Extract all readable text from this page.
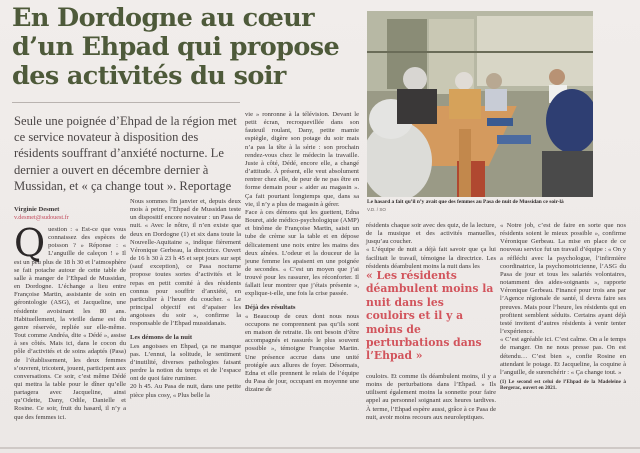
En Dordogne au cœur d’un Ehpad qui propose des activités du soir

Seule une poignée d’Ehpad de la région met ce service novateur à disposition des résidents souffrant d’anxiété nocturne. Le dernier a ouvert en décembre dernier à Mussidan, et « ça change tout ». Reportage

Virginie Desmet
v.desmet@sudouest.fr
Q uestion : « Est-ce que vous connaissez des espèces de poisson ? » Réponse : « L’anguille de caleçon ! » Il est un peu plus de 18 h 30 et l’atmosphère se fait potache autour de cette table de salle à manger de l’Ehpad de Mussidan, en Dordogne. L’échange a lieu entre Françoise Martin, assistante de soin en gérontologie (ASG), et Jacqueline, une résidente avoisinant les 80 ans. Habituellement, la vieille dame est du genre réservée, repliée sur elle-même. Tout comme Andréa, dite « Dédé », assise à ses côtés. Mais ici, dans le cocon du pôle d’activités et de soins adaptés (Pasa) de l’établissement, les deux femmes s’ouvrent, tricotent, jouent, participent aux conversations. Ce soir, c’est même Dédé qui mettra la table pour le dîner qu’elle partagera avec Jacqueline, ainsi qu’Odette, Dany, Odile, Danielle et Rosine. Ce soir, fruit du hasard, il n’y a que des femmes ici.

Nous sommes fin janvier et, depuis deux mois à peine, l’Ehpad de Mussidan teste un dispositif encore novateur : un Pasa de nuit. « Avec le nôtre, il n’en existe que deux en Dordogne (1) et six dans toute la Nouvelle-Aquitaine », indique fièrement Véronique Gerbeau, la directrice. Ouvert de 16 h 30 à 23 h 45 et sept jours sur sept (sauf exception), ce Pasa nocturne propose toutes sortes d’activités et le repas en petit comité à des résidents connus pour souffrir d’anxiété, en particulier à l’heure du coucher. « Le principal objectif est d’apaiser les angoisses du soir », confirme la responsable de l’Ehpad mussidanais.

Les démons de la nuit

Les angoisses en Ehpad, ça ne manque pas. L’ennui, la solitude, le sentiment d’inutilité, diverses pathologies faisant perdre la notion du temps et de l’espace ont de quoi faire ruminer.

20 h 45. Au Pasa de nuit, dans une petite pièce plus cosy, « Plus belle la

vie » ronronne à la télévision. Devant le petit écran, recroquevillée dans son fauteuil roulant, Dany, petite mamie espiègle, digère son potage du soir mais n’a pas la tête à la série : son prochain rendez-vous chez le médecin la travaille. Juste à côté, Dédé, encore elle, a changé d’attitude. À présent, elle veut absolument rentrer chez elle, de peur de ne pas être en forme demain pour « aider au magasin ». Ça fait pourtant longtemps que, dans sa vie, il n’y a plus de magasin à gérer.

Face à ces démons qui les guettent, Edna Bouret, aide médico-psychologique (AMP) et binôme de Françoise Martin, saisit un tube de crème sur la table et en dépose délicatement une noix entre les mains des deux aînées. L’odeur et la douceur de la jeune femme les apaisent en une poignée de secondes. « C’est un moyen que j’ai trouvé pour les rassurer, les réconforter. Il fallait leur montrer que j’étais présente », explique-t-elle, une fois la crise passée.

Déjà des résultats

« Beaucoup de ceux dont nous nous occupons ne comprennent pas qu’ils sont en maison de retraite. Ils ont besoin d’être accompagnés et rassurés le plus souvent possible », témoigne Françoise Martin. Une présence accrue dans une unité protégée aux allures de foyer. Désormais, Edna et elle prennent le relais de l’équipe du Pasa de jour, occupant en moyenne une dizaine de

Le hasard a fait qu’il n’y avait que des femmes au Pasa de nuit de Mussidan ce soir-là
V.D. / SO

résidents chaque soir avec des quiz, de la lecture, de la musique et des activités manuelles, jusqu’au coucher.

« L’équipe de nuit a déjà fait savoir que ça lui facilitait le travail, témoigne la directrice. Les résidents déambulent moins la nuit dans les

« Les résidents déambulent moins la nuit dans les couloirs et il y a moins de perturbations dans l’Ehpad »

couloirs. Et comme ils déambulent moins, il y a moins de perturbations dans l’Ehpad. » Ils utilisent également moins la sonnette pour faire appel au personnel soignant aux heures tardives. À terme, l’Ehpad espère aussi, grâce à ce Pasa de nuit, avoir moins recours aux neuroleptiques.

« Notre job, c’est de faire en sorte que nos résidents soient le mieux possible », confirme Véronique Gerbeau. La mise en place de ce nouveau service fut un travail d’équipe : « On y a réfléchi avec la psychologue, l’infirmière coordinatrice, la psychomotricienne, l’ASG du Pasa de jour et tous les salariés volontaires, notamment des aides-soignants », rapporte Véronique Gerbeau. Financé pour trois ans par l’Agence régionale de santé, il devra faire ses preuves. Mais pour l’heure, les résidents qui en profitent semblent séduits. Certains ayant déjà testé invitent d’autres résidents à venir tenter l’expérience.

« C’est agréable ici. C’est calme. On a le temps de manger. On ne nous presse pas. On est détendu… C’est bien », confie Rosine en attendant le potage. Et Jacqueline, la coquine à l’anguille, de surenchérir : « Ça change tout. »

(1) Le second est celui de l’Ehpad de la Madeleine à Bergerac, ouvert en 2021.
